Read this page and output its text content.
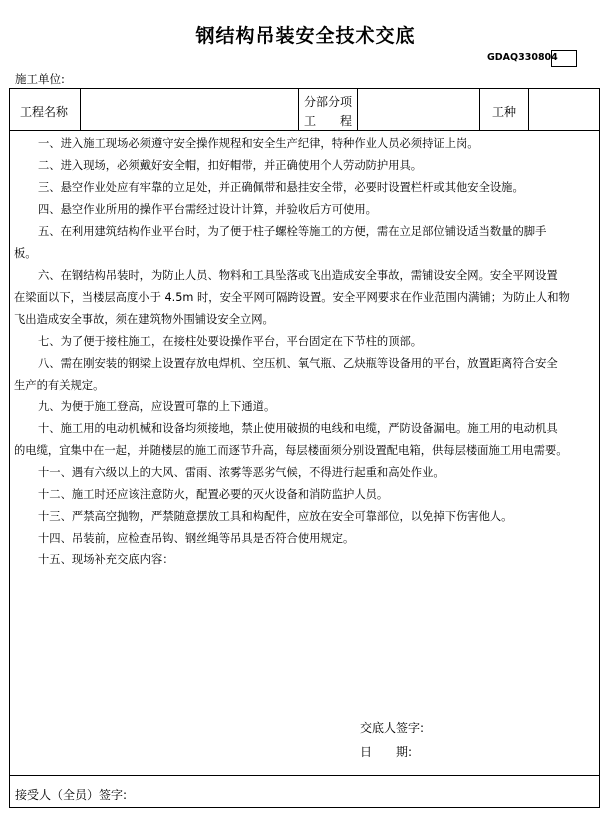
钢结构吊装安全技术交底
GDAQ330804
施工单位:
工程名称
分部分项
工　　程
工种
一、进入施工现场必须遵守安全操作规程和安全生产纪律，特种作业人员必须持证上岗。
二、进入现场，必须戴好安全帽，扣好帽带，并正确使用个人劳动防护用具。
三、悬空作业处应有牢靠的立足处，并正确佩带和悬挂安全带，必要时设置栏杆或其他安全设施。
四、悬空作业所用的操作平台需经过设计计算，并验收后方可使用。
五、在利用建筑结构作业平台时，为了便于柱子螺栓等施工的方便，需在立足部位铺设适当数量的脚手
板。
六、在钢结构吊装时，为防止人员、物料和工具坠落或飞出造成安全事故，需铺设安全网。安全平网设置
在梁面以下，当楼层高度小于 4.5m 时，安全平网可隔跨设置。安全平网要求在作业范围内满铺；为防止人和物
飞出造成安全事故，须在建筑物外围铺设安全立网。
七、为了便于接柱施工，在接柱处要设操作平台，平台固定在下节柱的顶部。
八、需在刚安装的钢梁上设置存放电焊机、空压机、氧气瓶、乙炔瓶等设备用的平台，放置距离符合安全
生产的有关规定。
九、为便于施工登高，应设置可靠的上下通道。
十、施工用的电动机械和设备均须接地，禁止使用破损的电线和电缆，严防设备漏电。施工用的电动机具
的电缆，宜集中在一起，并随楼层的施工而逐节升高，每层楼面须分别设置配电箱，供每层楼面施工用电需要。
十一、遇有六级以上的大风、雷雨、浓雾等恶劣气候，不得进行起重和高处作业。
十二、施工时还应该注意防火，配置必要的灭火设备和消防监护人员。
十三、严禁高空抛物，严禁随意摆放工具和构配件，应放在安全可靠部位，以免掉下伤害他人。
十四、吊装前，应检查吊钩、钢丝绳等吊具是否符合使用规定。
十五、现场补充交底内容：
交底人签字:
日　　期:
接受人（全员）签字:
